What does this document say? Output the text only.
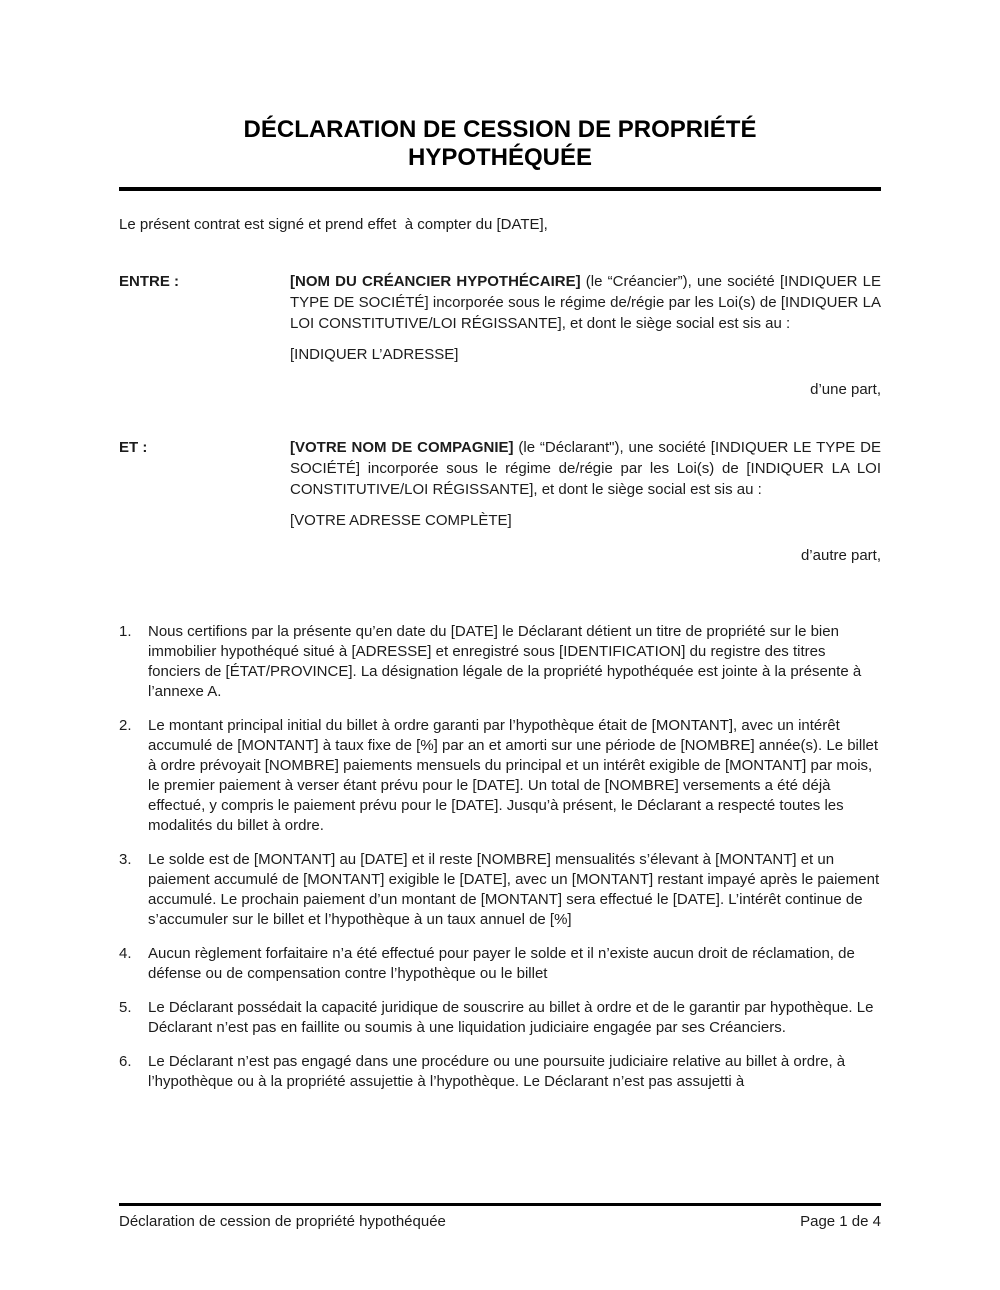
DÉCLARATION DE CESSION DE PROPRIÉTÉ
HYPOTHÉQUÉE

Le présent contrat est signé et prend effet  à compter du [DATE],

ENTRE :	[NOM DU CRÉANCIER HYPOTHÉCAIRE] (le “Créancier”), une société [INDIQUER LE TYPE DE SOCIÉTÉ] incorporée sous le régime de/régie par les Loi(s) de [INDIQUER LA LOI CONSTITUTIVE/LOI RÉGISSANTE], et dont le siège social est sis au :
[INDIQUER L’ADRESSE]
d’une part,
ET :	[VOTRE NOM DE COMPAGNIE] (le “Déclarant"), une société [INDIQUER LE TYPE DE SOCIÉTÉ] incorporée sous le régime de/régie par les Loi(s) de [INDIQUER LA LOI CONSTITUTIVE/LOI RÉGISSANTE], et dont le siège social est sis au :
[VOTRE ADRESSE COMPLÈTE]
d’autre part,
1.	Nous certifions par la présente qu’en date du [DATE] le Déclarant détient un titre de propriété sur le bien immobilier hypothéqué situé à [ADRESSE] et enregistré sous [IDENTIFICATION] du registre des titres fonciers de [ÉTAT/PROVINCE]. La désignation légale de la propriété hypothéquée est jointe à la présente à l’annexe A.
2.	Le montant principal initial du billet à ordre garanti par l’hypothèque était de [MONTANT], avec un intérêt accumulé de [MONTANT] à taux fixe de [%] par an et amorti sur une période de [NOMBRE] année(s). Le billet à ordre prévoyait [NOMBRE] paiements mensuels du principal et un intérêt exigible de [MONTANT] par mois, le premier paiement à verser étant prévu pour le [DATE]. Un total de [NOMBRE] versements a été déjà effectué, y compris le paiement prévu pour le [DATE]. Jusqu’à présent, le Déclarant a respecté toutes les modalités du billet à ordre.
3.	Le solde est de [MONTANT] au [DATE] et il reste [NOMBRE] mensualités s’élevant à [MONTANT] et un paiement accumulé de [MONTANT] exigible le [DATE], avec un [MONTANT] restant impayé après le paiement accumulé. Le prochain paiement d’un montant de [MONTANT] sera effectué le [DATE]. L’intérêt continue de s’accumuler sur le billet et l’hypothèque à un taux annuel de [%]
4.	Aucun règlement forfaitaire n’a été effectué pour payer le solde et il n’existe aucun droit de réclamation, de défense ou de compensation contre l’hypothèque ou le billet
5.	Le Déclarant possédait la capacité juridique de souscrire au billet à ordre et de le garantir par hypothèque. Le Déclarant n’est pas en faillite ou soumis à une liquidation judiciaire engagée par ses Créanciers.
6.	Le Déclarant n’est pas engagé dans une procédure ou une poursuite judiciaire relative au billet à ordre, à l’hypothèque ou à la propriété assujettie à l’hypothèque. Le Déclarant n’est pas assujetti à
Déclaration de cession de propriété hypothéquée	Page 1 de 4
